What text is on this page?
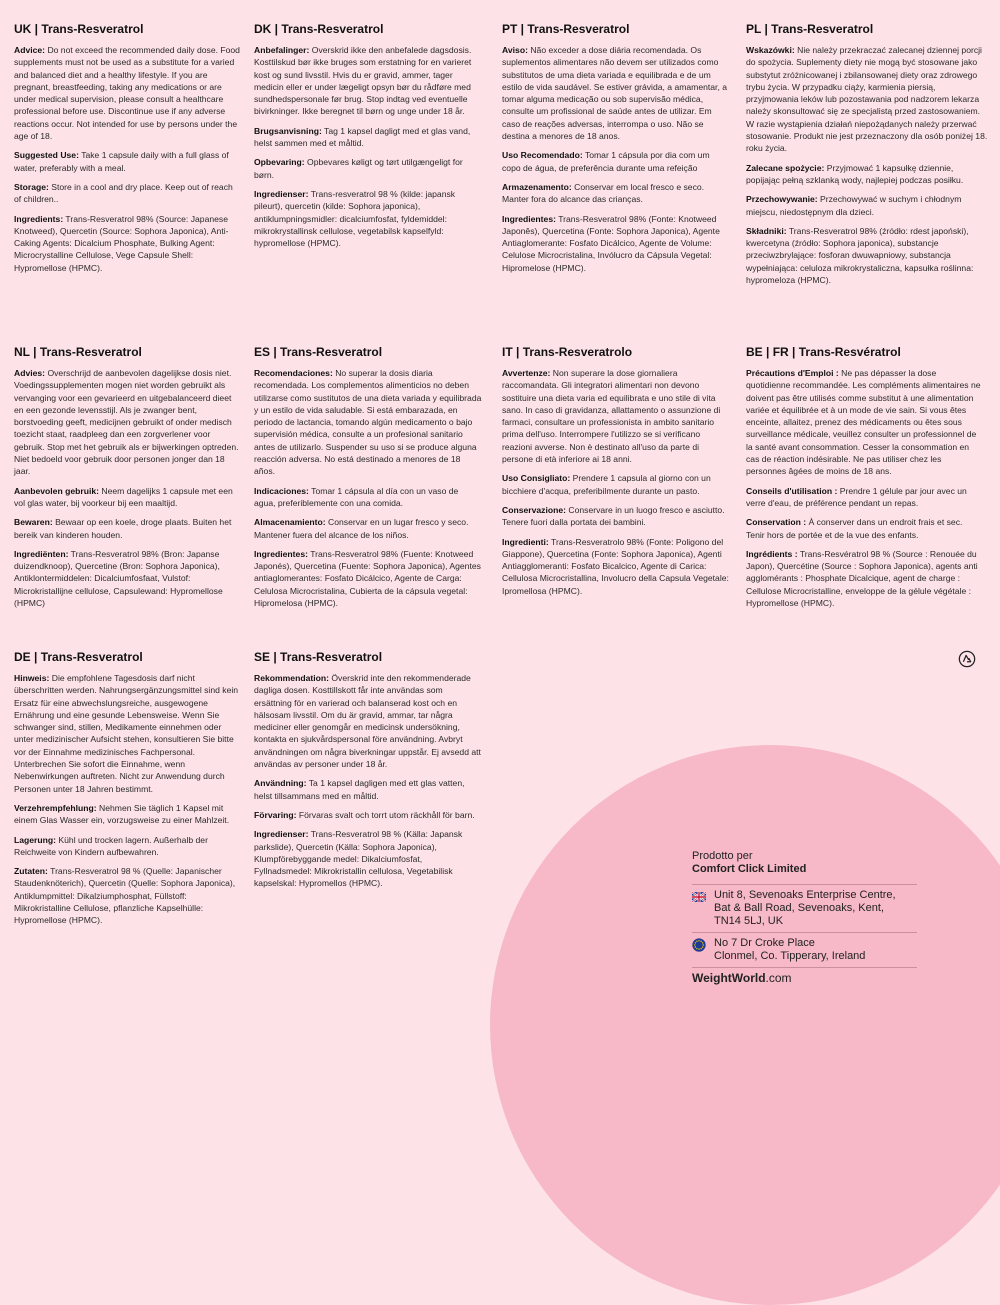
UK | Trans-Resveratrol

Advice: Do not exceed the recommended daily dose. Food supplements must not be used as a substitute for a varied and balanced diet and a healthy lifestyle. If you are pregnant, breastfeeding, taking any medications or are under medical supervision, please consult a healthcare professional before use. Discontinue use if any adverse reactions occur. Not intended for use by persons under the age of 18.

Suggested Use: Take 1 capsule daily with a full glass of water, preferably with a meal.

Storage: Store in a cool and dry place. Keep out of reach of children..

Ingredients: Trans-Resveratrol 98% (Source: Japanese Knotweed), Quercetin (Source: Sophora Japonica), Anti-Caking Agents: Dicalcium Phosphate, Bulking Agent: Microcrystalline Cellulose, Vege Capsule Shell: Hypromellose (HPMC).

DK | Trans-Resveratrol

Anbefalinger: Overskrid ikke den anbefalede dagsdosis. Kosttilskud bør ikke bruges som erstatning for en varieret kost og sund livsstil. Hvis du er gravid, ammer, tager medicin eller er under lægeligt opsyn bør du rådføre med sundhedspersonale før brug. Stop indtag ved eventuelle bivirkninger. Ikke beregnet til børn og unge under 18 år.

Brugsanvisning: Tag 1 kapsel dagligt med et glas vand, helst sammen med et måltid.

Opbevaring: Opbevares køligt og tørt utilgængeligt for børn.

Ingredienser: Trans-resveratrol 98 % (kilde: japansk pileurt), quercetin (kilde: Sophora japonica), antiklumpningsmidler: dicalciumfosfat, fyldemiddel: mikrokrystallinsk cellulose, vegetabilsk kapselfyld: hypromellose (HPMC).

PT | Trans-Resveratrol

Aviso: Não exceder a dose diária recomendada. Os suplementos alimentares não devem ser utilizados como substitutos de uma dieta variada e equilibrada e de um estilo de vida saudável. Se estiver grávida, a amamentar, a tomar alguma medicação ou sob supervisão médica, consulte um profissional de saúde antes de utilizar. Em caso de reações adversas, interrompa o uso. Não se destina a menores de 18 anos.

Uso Recomendado: Tomar 1 cápsula por dia com um copo de água, de preferência durante uma refeição

Armazenamento: Conservar em local fresco e seco. Manter fora do alcance das crianças.

Ingredientes: Trans-Resveratrol 98% (Fonte: Knotweed Japonês), Quercetina (Fonte: Sophora Japonica), Agente Antiaglomerante: Fosfato Dicálcico, Agente de Volume: Celulose Microcristalina, Invólucro da Cápsula Vegetal: Hipromelose (HPMC).

PL | Trans-Resveratrol

Wskazówki: Nie należy przekraczać zalecanej dziennej porcji do spożycia. Suplementy diety nie mogą być stosowane jako substytut zróżnicowanej i zbilansowanej diety oraz zdrowego trybu życia. W przypadku ciąży, karmienia piersią, przyjmowania leków lub pozostawania pod nadzorem lekarza należy skonsultować się ze specjalistą przed zastosowaniem. W razie wystąpienia działań niepożądanych należy przerwać stosowanie. Produkt nie jest przeznaczony dla osób poniżej 18. roku życia.

Zalecane spożycie: Przyjmować 1 kapsułkę dziennie, popijając pełną szklanką wody, najlepiej podczas posiłku.

Przechowywanie: Przechowywać w suchym i chłodnym miejscu, niedostępnym dla dzieci.

Składniki: Trans-Resveratrol 98% (źródło: rdest japoński), kwercetyna (źródło: Sophora japonica), substancje przeciwzbrylające: fosforan dwuwapniowy, substancja wypełniająca: celuloza mikrokrystaliczna, kapsułka roślinna: hypromeloza (HPMC).

NL | Trans-Resveratrol

Advies: Overschrijd de aanbevolen dagelijkse dosis niet. Voedingssupplementen mogen niet worden gebruikt als vervanging voor een gevarieerd en uitgebalanceerd dieet en een gezonde levensstijl. Als je zwanger bent, borstvoeding geeft, medicijnen gebruikt of onder medisch toezicht staat, raadpleeg dan een zorgverlener voor gebruik. Stop met het gebruik als er bijwerkingen optreden. Niet bedoeld voor gebruik door personen jonger dan 18 jaar.

Aanbevolen gebruik: Neem dagelijks 1 capsule met een vol glas water, bij voorkeur bij een maaltijd.

Bewaren: Bewaar op een koele, droge plaats. Buiten het bereik van kinderen houden.

Ingrediënten: Trans-Resveratrol 98% (Bron: Japanse duizendknoop), Quercetine (Bron: Sophora Japonica), Antiklontermiddelen: Dicalciumfosfaat, Vulstof: Microkristallijne cellulose, Capsulewand: Hypromellose (HPMC)

ES | Trans-Resveratrol

Recomendaciones: No superar la dosis diaria recomendada. Los complementos alimenticios no deben utilizarse como sustitutos de una dieta variada y equilibrada y un estilo de vida saludable. Si está embarazada, en periodo de lactancia, tomando algún medicamento o bajo supervisión médica, consulte a un profesional sanitario antes de utilizarlo. Suspender su uso si se produce alguna reacción adversa. No está destinado a menores de 18 años.

Indicaciones: Tomar 1 cápsula al día con un vaso de agua, preferiblemente con una comida.

Almacenamiento: Conservar en un lugar fresco y seco. Mantener fuera del alcance de los niños.

Ingredientes: Trans-Resveratrol 98% (Fuente: Knotweed Japonés), Quercetina (Fuente: Sophora Japonica), Agentes antiaglomerantes: Fosfato Dicálcico, Agente de Carga: Celulosa Microcristalina, Cubierta de la cápsula vegetal: Hipromelosa (HPMC).

IT | Trans-Resveratrolo

Avvertenze: Non superare la dose giornaliera raccomandata. Gli integratori alimentari non devono sostituire una dieta varia ed equilibrata e uno stile di vita sano. In caso di gravidanza, allattamento o assunzione di farmaci, consultare un professionista in ambito sanitario prima dell'uso. Interrompere l'utilizzo se si verificano reazioni avverse. Non è destinato all'uso da parte di persone di età inferiore ai 18 anni.

Uso Consigliato: Prendere 1 capsula al giorno con un bicchiere d'acqua, preferibilmente durante un pasto.

Conservazione: Conservare in un luogo fresco e asciutto. Tenere fuori dalla portata dei bambini.

Ingredienti: Trans-Resveratrolo 98% (Fonte: Poligono del Giappone), Quercetina (Fonte: Sophora Japonica), Agenti Antiagglomeranti: Fosfato Bicalcico, Agente di Carica: Cellulosa Microcristallina, Involucro della Capsula Vegetale: Ipromellosa (HPMC).

BE | FR | Trans-Resvératrol

Précautions d'Emploi : Ne pas dépasser la dose quotidienne recommandée. Les compléments alimentaires ne doivent pas être utilisés comme substitut à une alimentation variée et équilibrée et à un mode de vie sain. Si vous êtes enceinte, allaitez, prenez des médicaments ou êtes sous surveillance médicale, veuillez consulter un professionnel de la santé avant consommation. Cesser la consommation en cas de réaction indésirable. Ne pas utiliser chez les personnes âgées de moins de 18 ans.

Conseils d'utilisation : Prendre 1 gélule par jour avec un verre d'eau, de préférence pendant un repas.

Conservation : À conserver dans un endroit frais et sec. Tenir hors de portée et de la vue des enfants.

Ingrédients : Trans-Resvératrol 98 % (Source : Renouée du Japon), Quercétine (Source : Sophora Japonica), agents anti agglomérants : Phosphate Dicalcique, agent de charge : Cellulose Microcristalline, enveloppe de la gélule végétale : Hypromellose (HPMC).

DE | Trans-Resveratrol

Hinweis: Die empfohlene Tagesdosis darf nicht überschritten werden. Nahrungsergänzungsmittel sind kein Ersatz für eine abwechslungsreiche, ausgewogene Ernährung und eine gesunde Lebensweise. Wenn Sie schwanger sind, stillen, Medikamente einnehmen oder unter medizinischer Aufsicht stehen, konsultieren Sie bitte vor der Einnahme medizinisches Fachpersonal. Unterbrechen Sie sofort die Einnahme, wenn Nebenwirkungen auftreten. Nicht zur Anwendung durch Personen unter 18 Jahren bestimmt.

Verzehrempfehlung: Nehmen Sie täglich 1 Kapsel mit einem Glas Wasser ein, vorzugsweise zu einer Mahlzeit.

Lagerung: Kühl und trocken lagern. Außerhalb der Reichweite von Kindern aufbewahren.

Zutaten: Trans-Resveratrol 98 % (Quelle: Japanischer Staudenknöterich), Quercetin (Quelle: Sophora Japonica), Antiklumpmittel: Dikalziumphosphat, Füllstoff: Mikrokristalline Cellulose, pflanzliche Kapselhülle: Hypromellose (HPMC).

SE | Trans-Resveratrol

Rekommendation: Överskrid inte den rekommenderade dagliga dosen. Kosttillskott får inte användas som ersättning för en varierad och balanserad kost och en hälsosam livsstil. Om du är gravid, ammar, tar några mediciner eller genomgår en medicinsk undersökning, kontakta en sjukvårdspersonal före användning. Avbryt användningen om några biverkningar uppstår. Ej avsedd att användas av personer under 18 år.

Användning: Ta 1 kapsel dagligen med ett glas vatten, helst tillsammans med en måltid.

Förvaring: Förvaras svalt och torrt utom räckhåll för barn.

Ingredienser: Trans-Resveratrol 98 % (Källa: Japansk parkslide), Quercetin (Källa: Sophora Japonica), Klumpförebyggande medel: Dikalciumfosfat, Fyllnadsmedel: Mikrokristallin cellulosa, Vegetabilisk kapselskal: Hypromellos (HPMC).

Prodotto per

Comfort Click Limited

Unit 8, Sevenoaks Enterprise Centre,
Bat & Ball Road, Sevenoaks, Kent,
TN14 5LJ, UK
No 7 Dr Croke Place
Clonmel, Co. Tipperary, Ireland
WeightWorld.com
